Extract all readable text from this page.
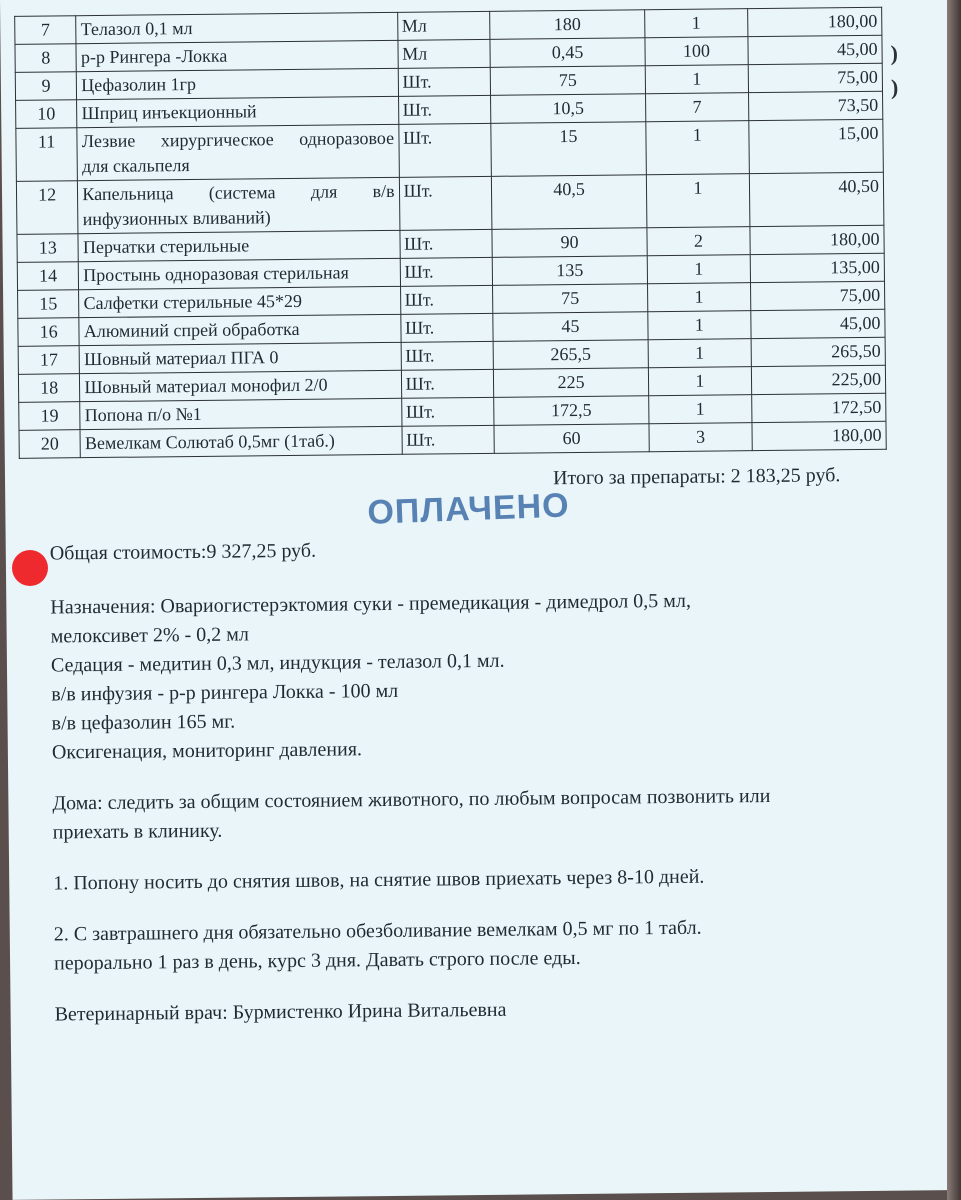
7	Телазол 0,1 мл	Мл	180	1	180,00
8	р-р Рингера -Локка	Мл	0,45	100	45,00
9	Цефазолин 1гр	Шт.	75	1	75,00
10	Шприц инъекционный	Шт.	10,5	7	73,50
11	Лезвие хирургическое одноразовое
для скальпеля	Шт.	15	1	15,00
12	Капельница (система для в/в
инфузионных вливаний)	Шт.	40,5	1	40,50
13	Перчатки стерильные	Шт.	90	2	180,00
14	Простынь одноразовая стерильная	Шт.	135	1	135,00
15	Салфетки стерильные 45*29	Шт.	75	1	75,00
16	Алюминий спрей обработка	Шт.	45	1	45,00
17	Шовный материал ПГА 0	Шт.	265,5	1	265,50
18	Шовный материал монофил 2/0	Шт.	225	1	225,00
19	Попона п/о №1	Шт.	172,5	1	172,50
20	Вемелкам Солютаб 0,5мг (1таб.)	Шт.	60	3	180,00
)
)
Итого за препараты: 2 183,25 руб.
ОПЛАЧЕНО
Общая стоимость:9 327,25 руб.

Назначения: Овариогистерэктомия суки - премедикация - димедрол 0,5 мл,

мелоксивет 2% - 0,2 мл

Седация - медитин 0,3 мл, индукция - телазол 0,1 мл.

в/в инфузия - р-р рингера Локка - 100 мл

в/в цефазолин 165 мг.

Оксигенация, мониторинг давления.

Дома: следить за общим состоянием животного, по любым вопросам позвонить или

приехать в клинику.

1. Попону носить до снятия швов, на снятие швов приехать через 8-10 дней.

2. С завтрашнего дня обязательно обезболивание вемелкам 0,5 мг по 1 табл.

перорально 1 раз в день, курс 3 дня. Давать строго после еды.

Ветеринарный врач: Бурмистенко Ирина Витальевна
